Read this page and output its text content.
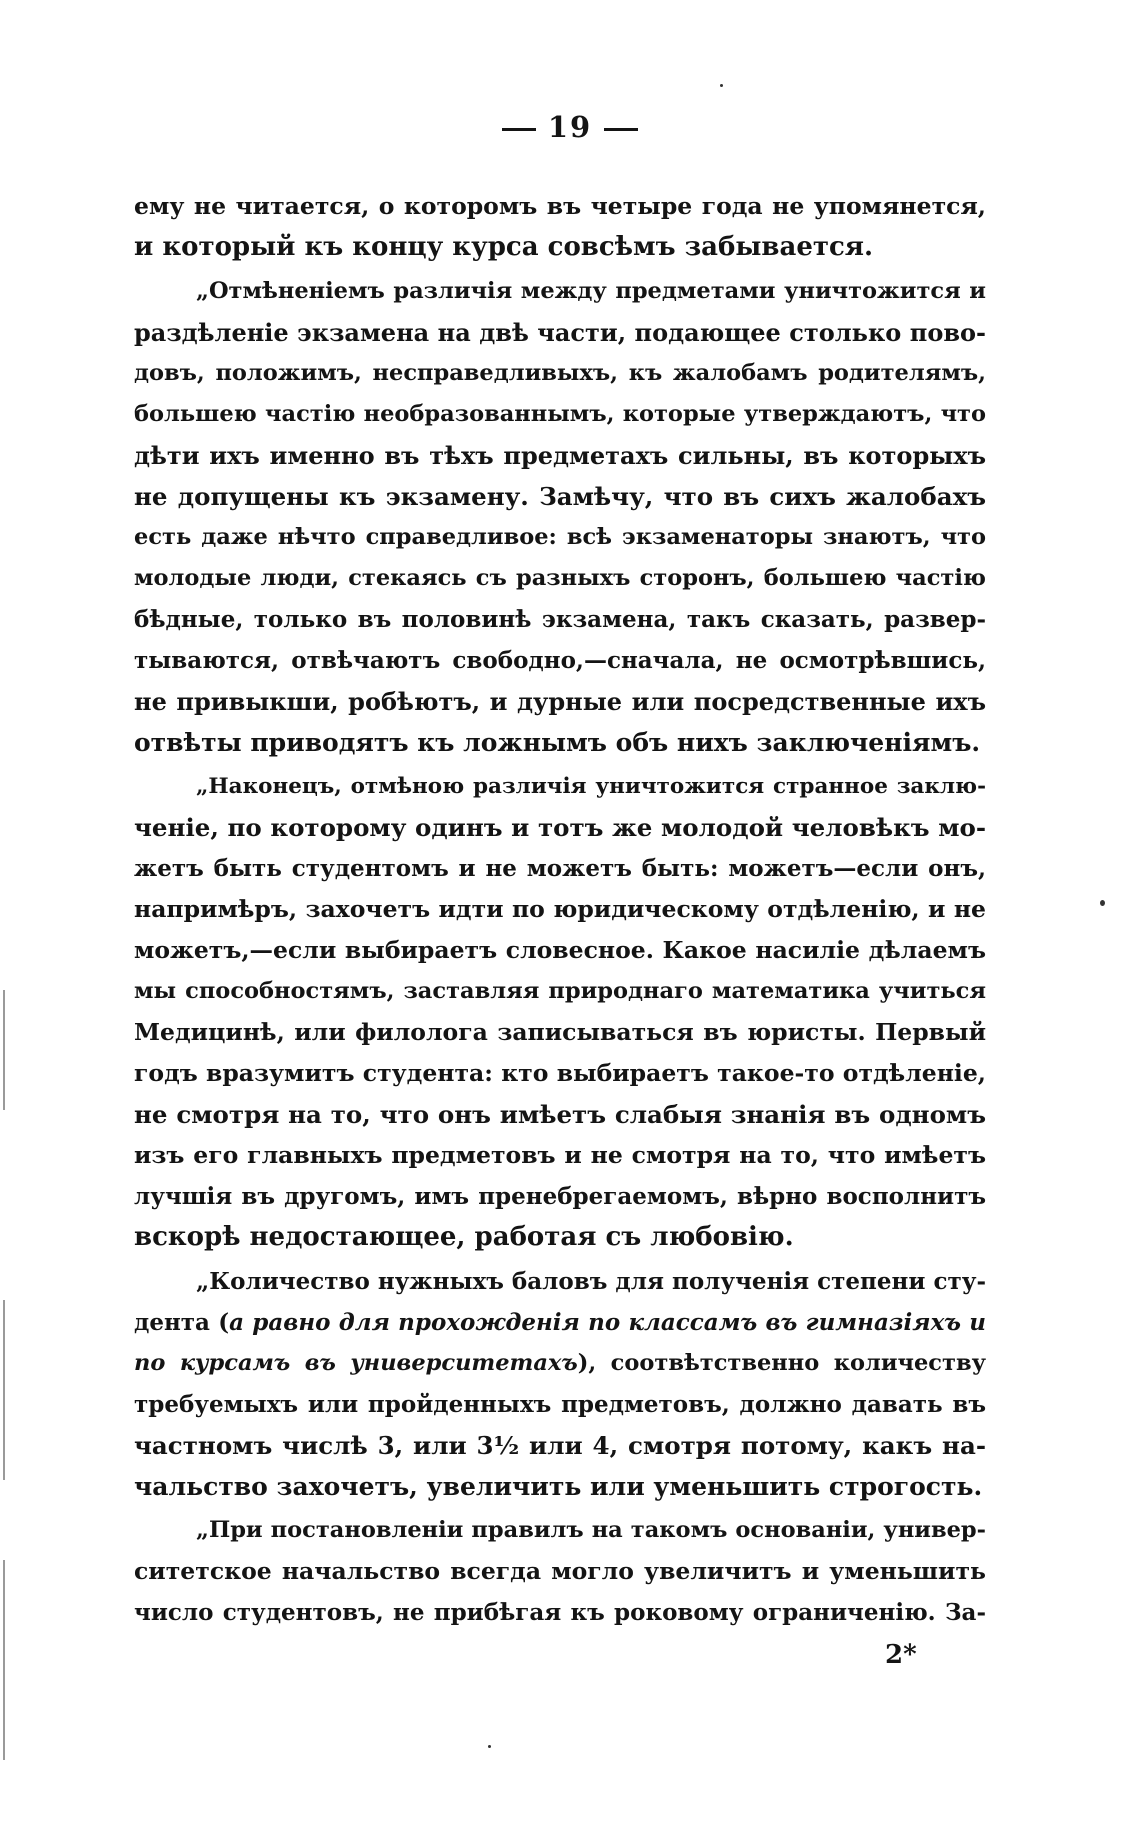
19
ему не читается, о которомъ въ четыре года не упомянется,
и который къ концу курса совсѣмъ забывается.
„Отмѣненіемъ различія между предметами уничтожится и
раздѣленіе экзамена на двѣ части, подающее столько пово-
довъ, положимъ, несправедливыхъ, къ жалобамъ родителямъ,
большею частію необразованнымъ, которые утверждаютъ, что
дѣти ихъ именно въ тѣхъ предметахъ сильны, въ которыхъ
не допущены къ экзамену. Замѣчу, что въ сихъ жалобахъ
есть даже нѣчто справедливое: всѣ экзаменаторы знаютъ, что
молодые люди, стекаясь съ разныхъ сторонъ, большею частію
бѣдные, только въ половинѣ экзамена, такъ сказать, развер-
тываются, отвѣчаютъ свободно,—сначала, не осмотрѣвшись,
не привыкши, робѣютъ, и дурные или посредственные ихъ
отвѣты приводятъ къ ложнымъ объ нихъ заключеніямъ.
„Наконецъ, отмѣною различія уничтожится странное заклю-
ченіе, по которому одинъ и тотъ же молодой человѣкъ мо-
жетъ быть студентомъ и не можетъ быть: можетъ—если онъ,
напримѣръ, захочетъ идти по юридическому отдѣленію, и не
можетъ,—если выбираетъ словесное. Какое насиліе дѣлаемъ
мы способностямъ, заставляя природнаго математика учиться
Медицинѣ, или филолога записываться въ юристы. Первый
годъ вразумитъ студента: кто выбираетъ такое-то отдѣленіе,
не смотря на то, что онъ имѣетъ слабыя знанія въ одномъ
изъ его главныхъ предметовъ и не смотря на то, что имѣетъ
лучшія въ другомъ, имъ пренебрегаемомъ, вѣрно восполнитъ
вскорѣ недостающее, работая съ любовію.
„Количество нужныхъ баловъ для полученія степени сту-
дента (а равно для прохожденія по классамъ въ гимназіяхъ и
по курсамъ въ университетахъ), соотвѣтственно количеству
требуемыхъ или пройденныхъ предметовъ, должно давать въ
частномъ числѣ 3, или 3½ или 4, смотря потому, какъ на-
чальство захочетъ, увеличить или уменьшить строгость.
„При постановленіи правилъ на такомъ основаніи, универ-
ситетское начальство всегда могло увеличитъ и уменьшить
число студентовъ, не прибѣгая къ роковому ограниченію. За-
2*
